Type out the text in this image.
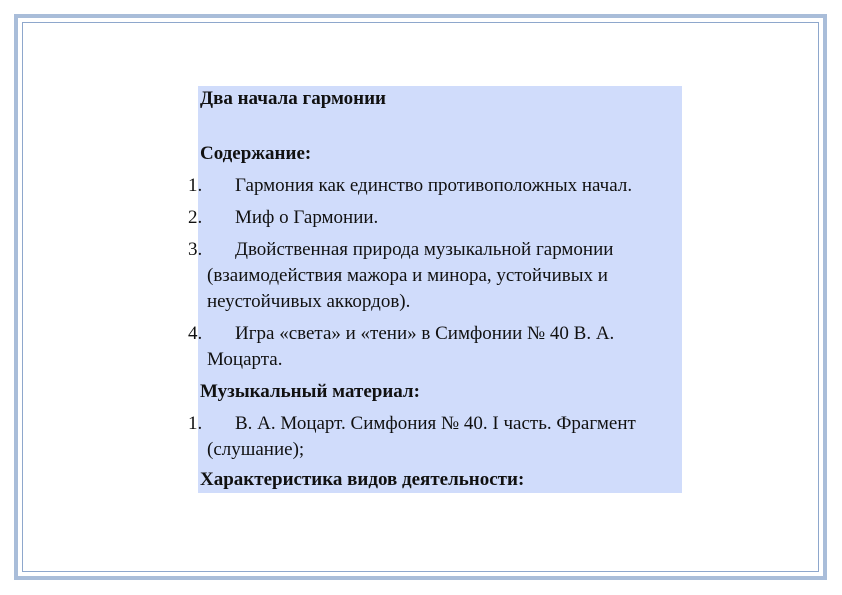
Два начала гармонии
Содержание:
1.	Гармония как единство противоположных начал.
2.	Миф о Гармонии.
3.	Двойственная природа музыкальной гармонии (взаимодействия мажора и минора, устойчивых и неустойчивых аккордов).
4.	Игра «света» и «тени» в Симфонии № 40 В. А. Моцарта.
Музыкальный материал:
1.	В. А. Моцарт. Симфония № 40. I часть. Фрагмент (слушание);
Характеристика видов деятельности:
